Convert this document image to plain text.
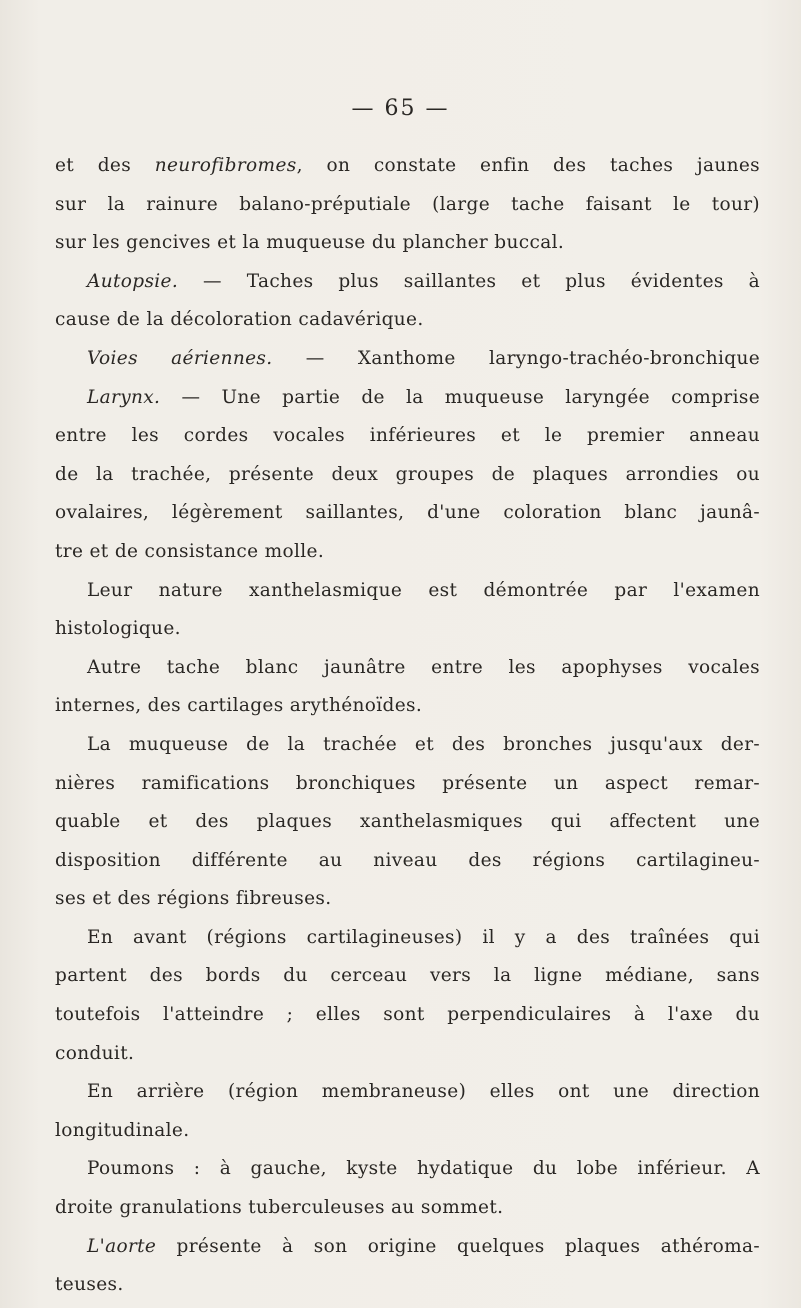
— 65 —
et des neurofibromes, on constate enfin des taches jaunes
sur la rainure balano-préputiale (large tache faisant le tour)
sur les gencives et la muqueuse du plancher buccal.
Autopsie. — Taches plus saillantes et plus évidentes à
cause de la décoloration cadavérique.
Voies aériennes. — Xanthome laryngo-trachéo-bronchique
Larynx. — Une partie de la muqueuse laryngée comprise
entre les cordes vocales inférieures et le premier anneau
de la trachée, présente deux groupes de plaques arrondies ou
ovalaires, légèrement saillantes, d'une coloration blanc jaunâ-
tre et de consistance molle.
Leur nature xanthelasmique est démontrée par l'examen
histologique.
Autre tache blanc jaunâtre entre les apophyses vocales
internes, des cartilages arythénoïdes.
La muqueuse de la trachée et des bronches jusqu'aux der-
nières ramifications bronchiques présente un aspect remar-
quable et des plaques xanthelasmiques qui affectent une
disposition différente au niveau des régions cartilagineu-
ses et des régions fibreuses.
En avant (régions cartilagineuses) il y a des traînées qui
partent des bords du cerceau vers la ligne médiane, sans
toutefois l'atteindre ; elles sont perpendiculaires à l'axe du
conduit.
En arrière (région membraneuse) elles ont une direction
longitudinale.
Poumons : à gauche, kyste hydatique du lobe inférieur. A
droite granulations tuberculeuses au sommet.
L'aorte présente à son origine quelques plaques athéroma-
teuses.
